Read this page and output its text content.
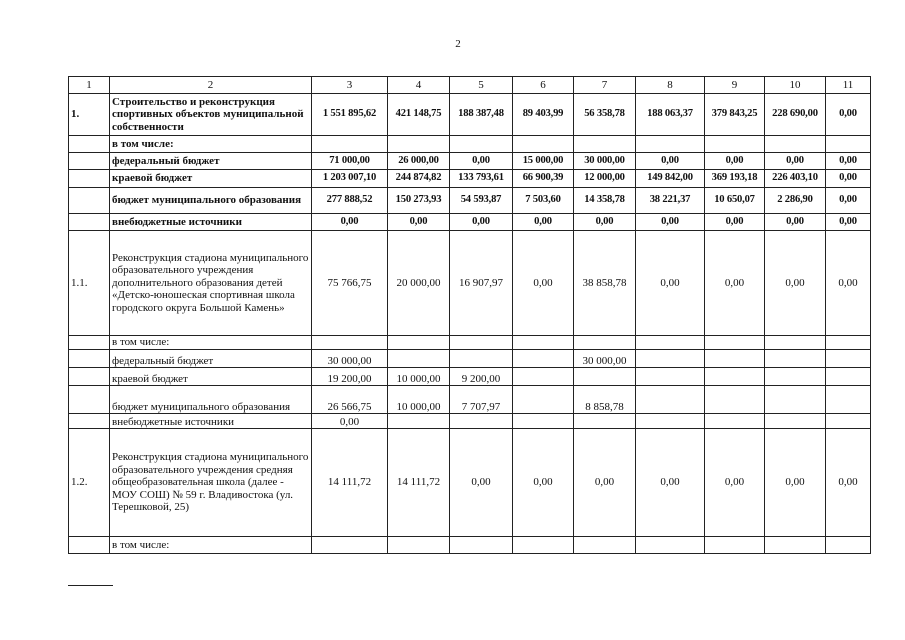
2
1	2	3	4	5	6	7	8	9	10	11
1.	Строительство и реконструкция спортивных объектов муниципальной собственности	1 551 895,62	421 148,75	188 387,48	89 403,99	56 358,78	188 063,37	379 843,25	228 690,00	0,00
	в том числе:									
	федеральный бюджет	71 000,00	26 000,00	0,00	15 000,00	30 000,00	0,00	0,00	0,00	0,00
	краевой бюджет	1 203 007,10	244 874,82	133 793,61	66 900,39	12 000,00	149 842,00	369 193,18	226 403,10	0,00
	бюджет муниципального образования	277 888,52	150 273,93	54 593,87	7 503,60	14 358,78	38 221,37	10 650,07	2 286,90	0,00
	внебюджетные источники	0,00	0,00	0,00	0,00	0,00	0,00	0,00	0,00	0,00
1.1.	Реконструкция стадиона муниципального образовательного учреждения дополнительного образования детей «Детско-юношеская спортивная школа городского округа Большой Камень»	75 766,75	20 000,00	16 907,97	0,00	38 858,78	0,00	0,00	0,00	0,00
	в том числе:									
	федеральный бюджет	30 000,00				30 000,00				
	краевой бюджет	19 200,00	10 000,00	9 200,00						
	бюджет муниципального образования	26 566,75	10 000,00	7 707,97		8 858,78				
	внебюджетные источники	0,00								
1.2.	Реконструкция стадиона муниципального образовательного учреждения средняя общеобразовательная школа (далее - МОУ СОШ) № 59 г. Владивостока (ул. Терешковой, 25)	14 111,72	14 111,72	0,00	0,00	0,00	0,00	0,00	0,00	0,00
	в том числе:									
